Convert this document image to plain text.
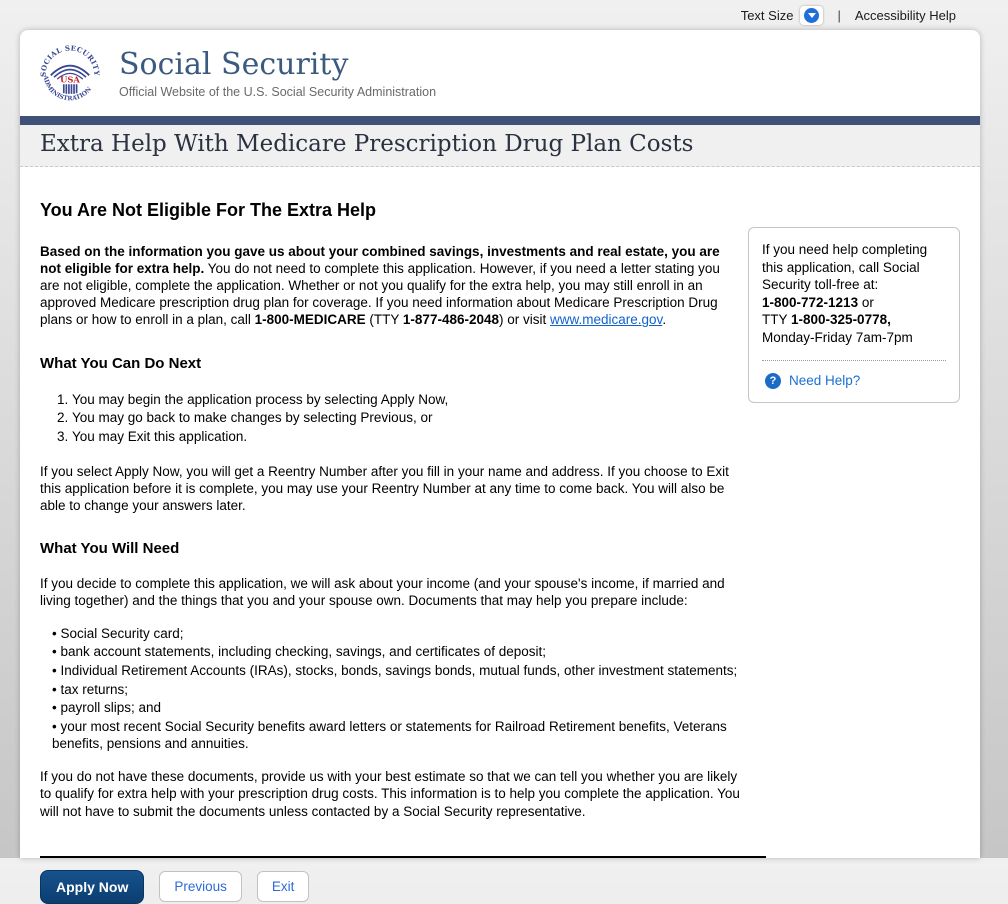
Text Size	| Accessibility Help
SOCIAL SECURITY
ADMINISTRATION
USA Social Security
Official Website of the U.S. Social Security Administration
Extra Help With Medicare Prescription Drug Plan Costs
You Are Not Eligible For The Extra Help

Based on the information you gave us about your combined savings, investments and real estate, you are not eligible for extra help. You do not need to complete this application. However, if you need a letter stating you are not eligible, complete the application. Whether or not you qualify for the extra help, you may still enroll in an approved Medicare prescription drug plan for coverage. If you need information about Medicare Prescription Drug plans or how to enroll in a plan, call 1-800-MEDICARE (TTY 1-877-486-2048) or visit www.medicare.gov.

What You Can Do Next
1. You may begin the application process by selecting Apply Now,
2. You may go back to make changes by selecting Previous, or
3. You may Exit this application.

If you select Apply Now, you will get a Reentry Number after you fill in your name and address. If you choose to Exit this application before it is complete, you may use your Reentry Number at any time to come back. You will also be able to change your answers later.

What You Will Need

If you decide to complete this application, we will ask about your income (and your spouse's income, if married and living together) and the things that you and your spouse own. Documents that may help you prepare include:

• Social Security card;
• bank account statements, including checking, savings, and certificates of deposit;
• Individual Retirement Accounts (IRAs), stocks, bonds, savings bonds, mutual funds, other investment statements;
• tax returns;
• payroll slips; and
• your most recent Social Security benefits award letters or statements for Railroad Retirement benefits, Veterans benefits, pensions and annuities.

If you do not have these documents, provide us with your best estimate so that we can tell you whether you are likely to qualify for extra help with your prescription drug costs. This information is to help you complete the application. You will not have to submit the documents unless contacted by a Social Security representative.

Apply Now	Previous	Exit
If you need help completing this application, call Social Security toll-free at:
1-800-772-1213 or
TTY 1-800-325-0778,
Monday-Friday 7am-7pm
? Need Help?
